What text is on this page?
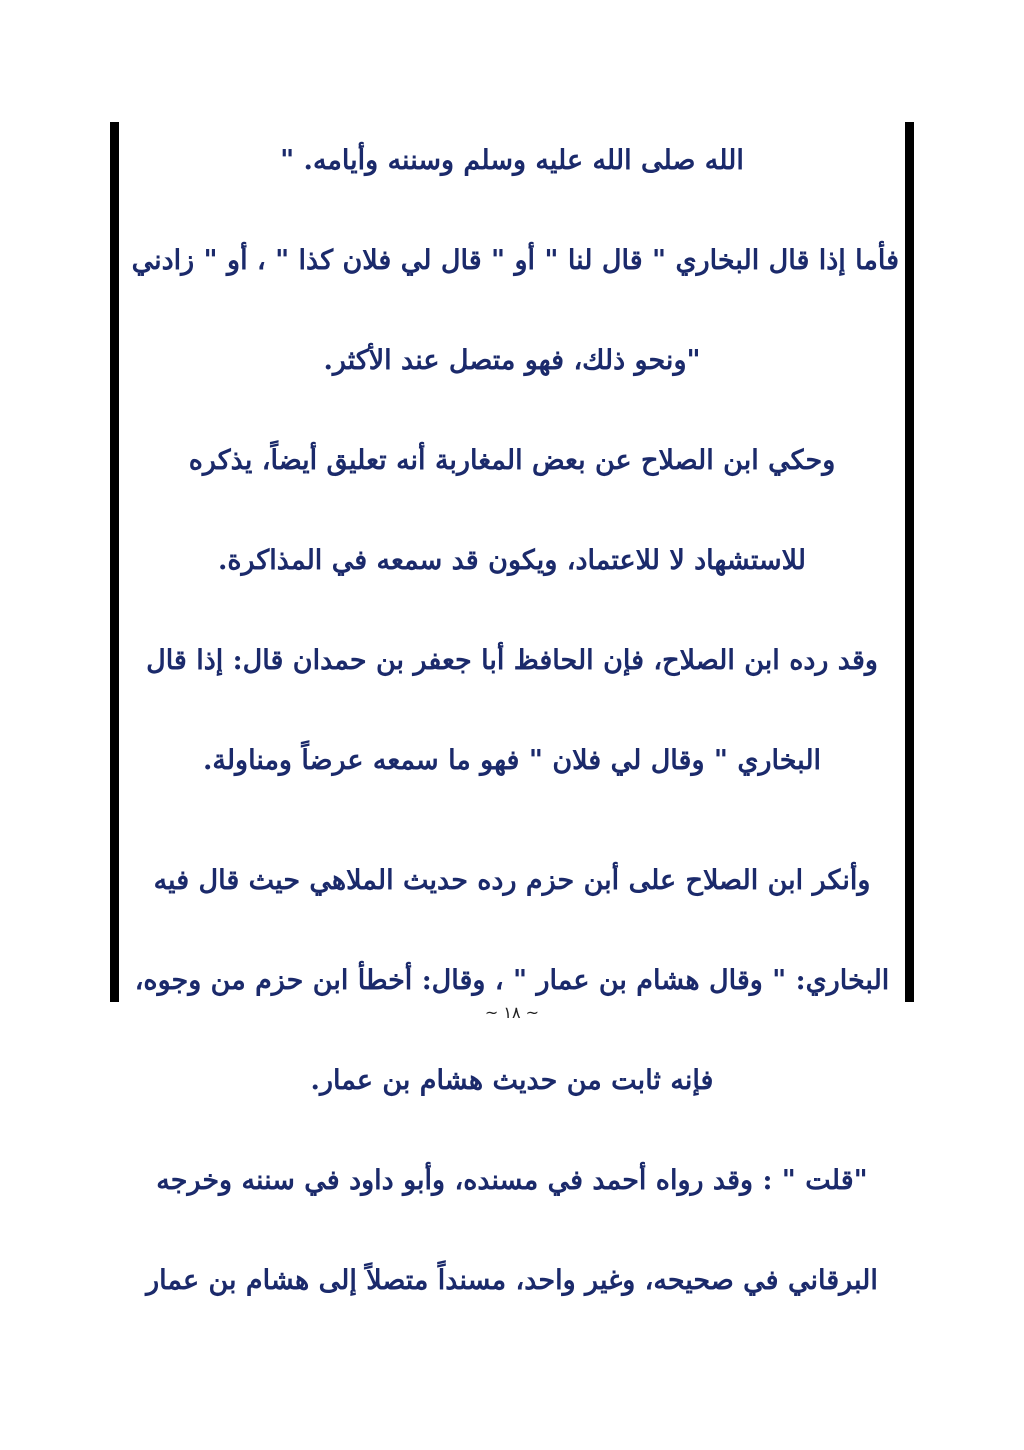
الله صلى الله عليه وسلم وسننه وأيامه. "
فأما إذا قال البخاري " قال لنا " أو " قال لي فلان كذا " ، أو " زادني
"ونحو ذلك، فهو متصل عند الأكثر.
وحكي ابن الصلاح عن بعض المغاربة أنه تعليق أيضاً، يذكره
للاستشهاد لا للاعتماد، ويكون قد سمعه في المذاكرة.
وقد رده ابن الصلاح، فإن الحافظ أبا جعفر بن حمدان قال: إذا قال
البخاري " وقال لي فلان " فهو ما سمعه عرضاً ومناولة.
وأنكر ابن الصلاح على أبن حزم رده حديث الملاهي حيث قال فيه
البخاري: " وقال هشام بن عمار " ، وقال: أخطأ ابن حزم من وجوه،
فإنه ثابت من حديث هشام بن عمار.
"قلت " : وقد رواه أحمد في مسنده، وأبو داود في سننه وخرجه
البرقاني في صحيحه، وغير واحد، مسنداً متصلاً إلى هشام بن عمار
~ ١٨ ~
